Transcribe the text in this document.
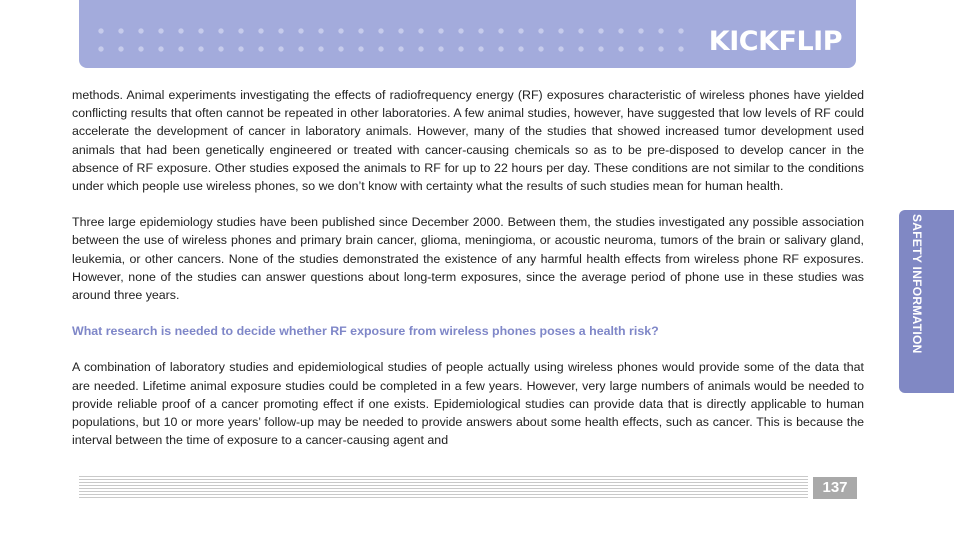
KICKFLIP

methods. Animal experiments investigating the effects of radiofrequency energy (RF) exposures characteristic of wireless phones have yielded conflicting results that often cannot be repeated in other laboratories. A few animal studies, however, have suggested that low levels of RF could accelerate the development of cancer in laboratory animals. However, many of the studies that showed increased tumor development used animals that had been genetically engineered or treated with cancer-causing chemicals so as to be pre-disposed to develop cancer in the absence of RF exposure. Other studies exposed the animals to RF for up to 22 hours per day. These conditions are not similar to the conditions under which people use wireless phones, so we don’t know with certainty what the results of such studies mean for human health.

Three large epidemiology studies have been published since December 2000. Between them, the studies investigated any possible association between the use of wireless phones and primary brain cancer, glioma, meningioma, or acoustic neuroma, tumors of the brain or salivary gland, leukemia, or other cancers. None of the studies demonstrated the existence of any harmful health effects from wireless phone RF exposures. However, none of the studies can answer questions about long-term exposures, since the average period of phone use in these studies was around three years.

What research is needed to decide whether RF exposure from wireless phones poses a health risk?

A combination of laboratory studies and epidemiological studies of people actually using wireless phones would provide some of the data that are needed. Lifetime animal exposure studies could be completed in a few years. However, very large numbers of animals would be needed to provide reliable proof of a cancer promoting effect if one exists. Epidemiological studies can provide data that is directly applicable to human populations, but 10 or more years’ follow-up may be needed to provide answers about some health effects, such as cancer. This is because the interval between the time of exposure to a cancer-causing agent and

SAFETY INFORMATION
137
